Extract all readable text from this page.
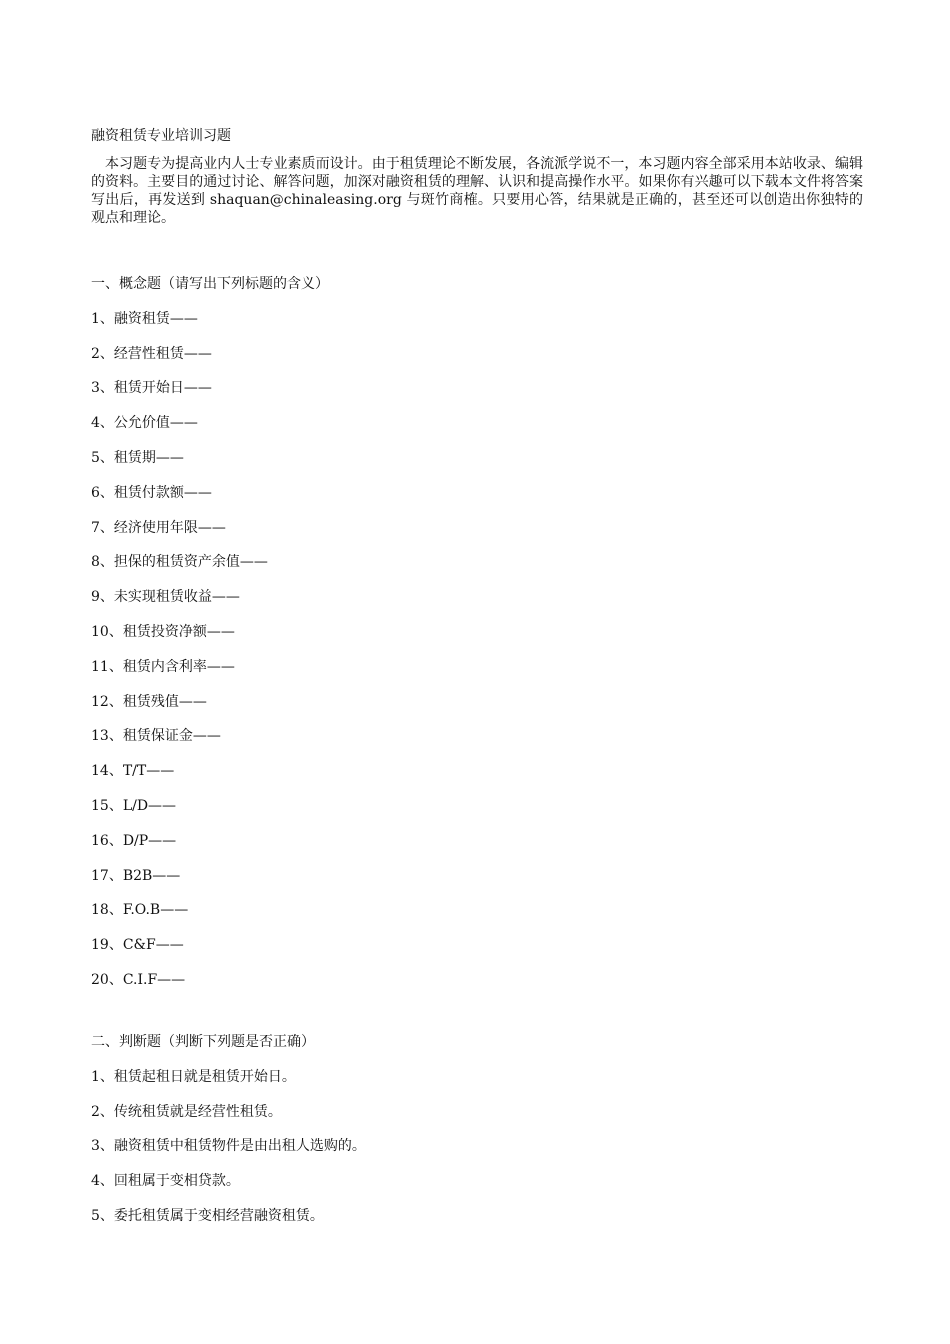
融资租赁专业培训习题

本习题专为提高业内人士专业素质而设计。由于租赁理论不断发展，各流派学说不一，本习题内容全部采用本站收录、编辑的资料。主要目的通过讨论、解答问题，加深对融资租赁的理解、认识和提高操作水平。如果你有兴趣可以下载本文件将答案写出后，再发送到 shaquan@chinaleasing.org 与斑竹商榷。只要用心答，结果就是正确的，甚至还可以创造出你独特的观点和理论。

一、概念题（请写出下列标题的含义）

1、融资租赁——
2、经营性租赁——
3、租赁开始日——
4、公允价值——
5、租赁期——
6、租赁付款额——
7、经济使用年限——
8、担保的租赁资产余值——
9、未实现租赁收益——
10、租赁投资净额——
11、租赁内含利率——
12、租赁残值——
13、租赁保证金——
14、T/T——
15、L/D——
16、D/P——
17、B2B——
18、F.O.B——
19、C&F——
20、C.I.F——

二、判断题（判断下列题是否正确）

1、租赁起租日就是租赁开始日。
2、传统租赁就是经营性租赁。
3、融资租赁中租赁物件是由出租人选购的。
4、回租属于变相贷款。
5、委托租赁属于变相经营融资租赁。
